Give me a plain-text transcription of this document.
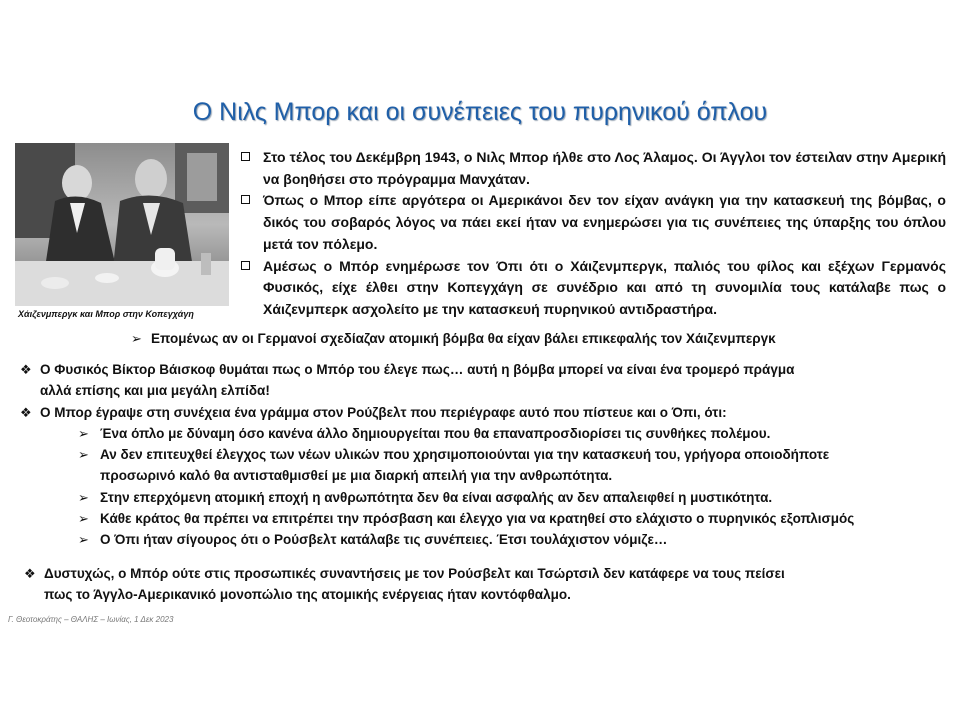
Ο Νιλς Μπορ και οι συνέπειες του πυρηνικού όπλου
Χάιζενμπεργκ και Μπορ στην Κοπεγχάγη
Στο τέλος του Δεκέμβρη 1943, ο Νιλς Μπορ ήλθε στο Λος Άλαμος. Οι Άγγλοι τον έστειλαν στην Αμερική να βοηθήσει στο πρόγραμμα Μανχάταν.
Όπως ο Μπορ είπε αργότερα οι Αμερικάνοι δεν τον είχαν ανάγκη για την κατασκευή της βόμβας, ο δικός του σοβαρός λόγος να πάει εκεί ήταν να ενημερώσει για τις συνέπειες της ύπαρξης του όπλου μετά τον πόλεμο.
Αμέσως ο Μπόρ ενημέρωσε τον Όπι ότι ο Χάιζενμπεργκ, παλιός του φίλος και εξέχων Γερμανός Φυσικός, είχε έλθει στην Κοπεγχάγη σε συνέδριο και από τη συνομιλία τους κατάλαβε πως ο Χάιζενμπερκ ασχολείτο με την κατασκευή πυρηνικού αντιδραστήρα.
➢ Επομένως αν οι Γερμανοί σχεδίαζαν ατομική βόμβα θα είχαν βάλει επικεφαλής τον Χάιζενμπεργκ
❖ Ο Φυσικός Βίκτορ Βάισκοφ θυμάται πως ο Μπόρ του έλεγε πως… αυτή η βόμβα μπορεί να είναι ένα τρομερό πράγμα
αλλά επίσης και μια μεγάλη ελπίδα!
❖ Ο Μπορ έγραψε στη συνέχεια ένα γράμμα στον Ρούζβελτ που περιέγραφε αυτό που πίστευε και ο Όπι, ότι:
➢ Ένα όπλο με δύναμη όσο κανένα άλλο δημιουργείται που θα επαναπροσδιορίσει τις συνθήκες πολέμου.
➢ Αν δεν επιτευχθεί έλεγχος των νέων υλικών που χρησιμοποιούνται για την κατασκευή του, γρήγορα οποιοδήποτε
προσωρινό καλό θα αντισταθμισθεί με μια διαρκή απειλή για την ανθρωπότητα.
➢ Στην επερχόμενη ατομική εποχή η ανθρωπότητα δεν θα είναι ασφαλής αν δεν απαλειφθεί η μυστικότητα.
➢ Κάθε κράτος θα πρέπει να επιτρέπει την πρόσβαση και έλεγχο για να κρατηθεί στο ελάχιστο ο πυρηνικός εξοπλισμός
➢ Ο Όπι ήταν σίγουρος ότι ο Ρούσβελτ κατάλαβε τις συνέπειες. Έτσι τουλάχιστον νόμιζε…
❖ Δυστυχώς, ο Μπόρ ούτε στις προσωπικές συναντήσεις με τον Ρούσβελτ και Τσώρτσιλ δεν κατάφερε να τους πείσει
πως το Άγγλο-Αμερικανικό μονοπώλιο της ατομικής ενέργειας ήταν κοντόφθαλμο.
Γ. Θεοτοκράτης – ΘΑΛΗΣ – Ιωνίας, 1 Δεκ 2023
